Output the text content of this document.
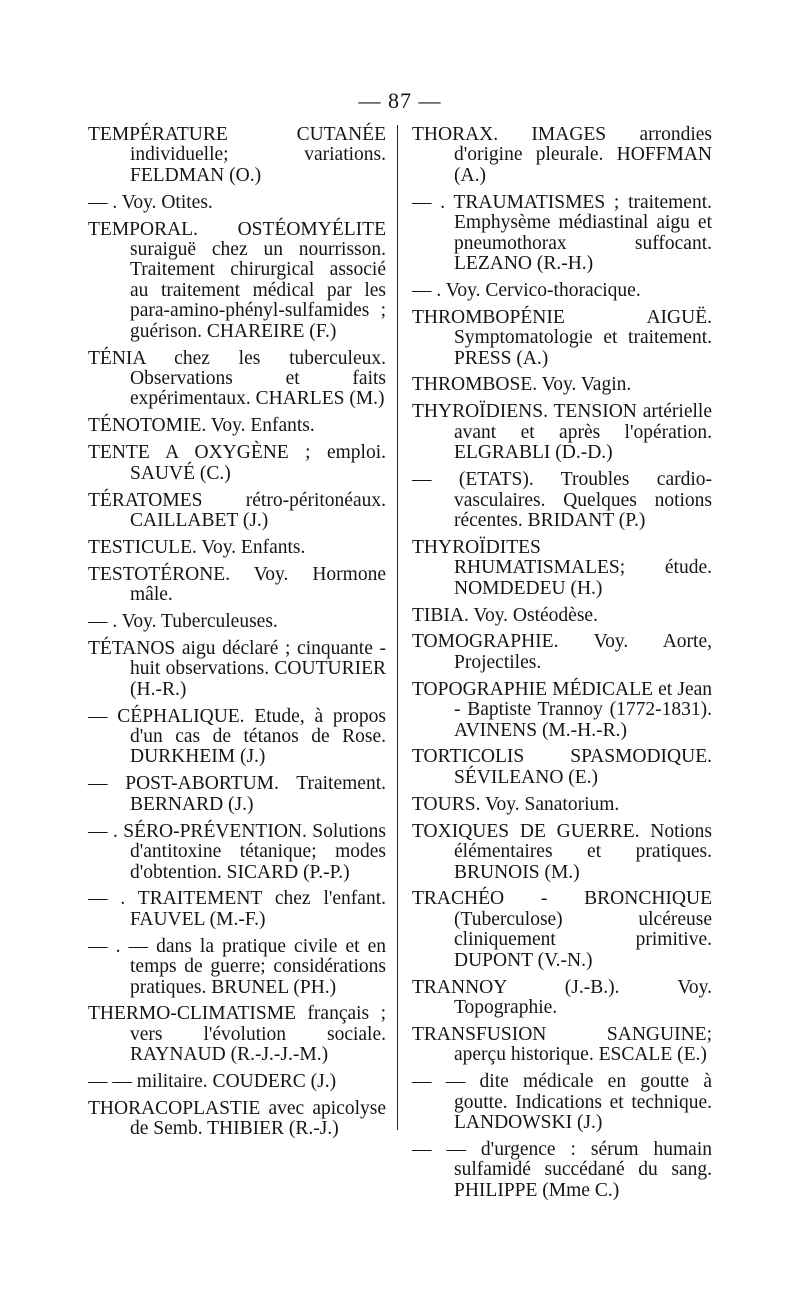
— 87 —

TEMPÉRATURE CUTANÉE individuelle; variations. FELDMAN (O.)

— . Voy. Otites.

TEMPORAL. OSTÉOMYÉLITE suraiguë chez un nourrisson. Traitement chirurgical associé au traitement médical par les para-amino-phényl-sulfamides ; guérison. CHAREIRE (F.)

TÉNIA chez les tuberculeux. Observations et faits expérimentaux. CHARLES (M.)

TÉNOTOMIE. Voy. Enfants.

TENTE A OXYGÈNE ; emploi. SAUVÉ (C.)

TÉRATOMES rétro-péritonéaux. CAILLABET (J.)

TESTICULE. Voy. Enfants.

TESTOTÉRONE. Voy. Hormone mâle.

— . Voy. Tuberculeuses.

TÉTANOS aigu déclaré ; cinquante - huit observations. COUTURIER (H.-R.)

— CÉPHALIQUE. Etude, à propos d'un cas de tétanos de Rose. DURKHEIM (J.)

— POST-ABORTUM. Traitement. BERNARD (J.)

— . SÉRO-PRÉVENTION. Solutions d'antitoxine tétanique; modes d'obtention. SICARD (P.-P.)

— . TRAITEMENT chez l'enfant. FAUVEL (M.-F.)

— . — dans la pratique civile et en temps de guerre; considérations pratiques. BRUNEL (PH.)

THERMO-CLIMATISME français ; vers l'évolution sociale. RAYNAUD (R.-J.-J.-M.)

— — militaire. COUDERC (J.)

THORACOPLASTIE avec apicolyse de Semb. THIBIER (R.-J.)

THORAX. IMAGES arrondies d'origine pleurale. HOFFMAN (A.)

— . TRAUMATISMES ; traitement. Emphysème médiastinal aigu et pneumothorax suffocant. LEZANO (R.-H.)

— . Voy. Cervico-thoracique.

THROMBOPÉNIE AIGUË. Symptomatologie et traitement. PRESS (A.)

THROMBOSE. Voy. Vagin.

THYROÏDIENS. TENSION artérielle avant et après l'opération. ELGRABLI (D.-D.)

— (ETATS). Troubles cardio-vasculaires. Quelques notions récentes. BRIDANT (P.)

THYROÏDITES RHUMATISMALES; étude. NOMDEDEU (H.)

TIBIA. Voy. Ostéodèse.

TOMOGRAPHIE. Voy. Aorte, Projectiles.

TOPOGRAPHIE MÉDICALE et Jean - Baptiste Trannoy (1772-1831). AVINENS (M.-H.-R.)

TORTICOLIS SPASMODIQUE. SÉVILEANO (E.)

TOURS. Voy. Sanatorium.

TOXIQUES DE GUERRE. Notions élémentaires et pratiques. BRUNOIS (M.)

TRACHÉO - BRONCHIQUE (Tuberculose) ulcéreuse cliniquement primitive. DUPONT (V.-N.)

TRANNOY (J.-B.). Voy. Topographie.

TRANSFUSION SANGUINE; aperçu historique. ESCALE (E.)

— — dite médicale en goutte à goutte. Indications et technique. LANDOWSKI (J.)

— — d'urgence : sérum humain sulfamidé succédané du sang. PHILIPPE (Mme C.)
